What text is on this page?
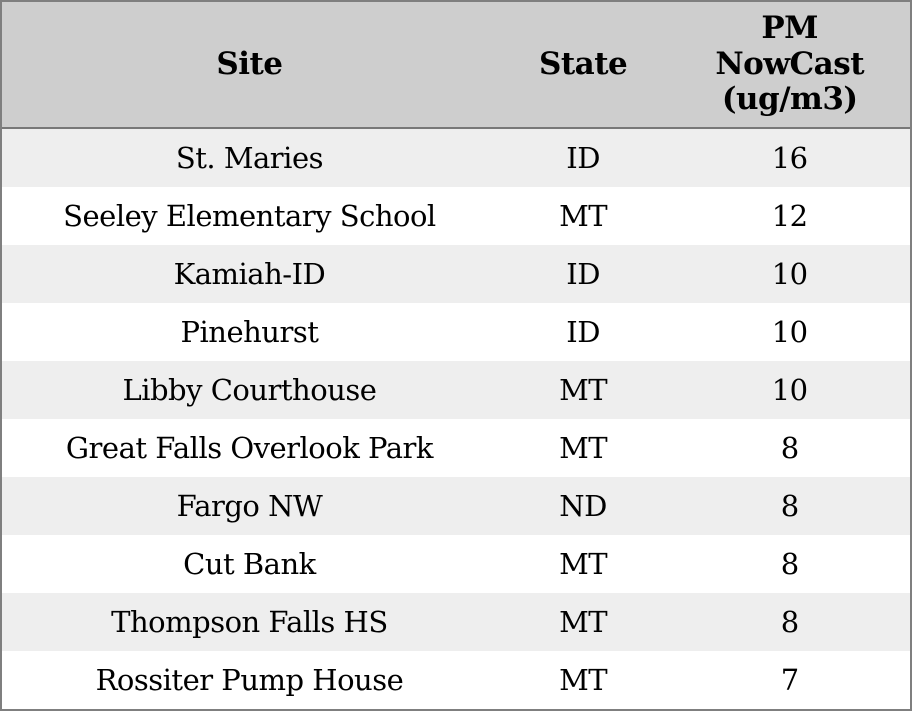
Site	State	PM NowCast (ug/m3)
St. Maries	ID	16
Seeley Elementary School	MT	12
Kamiah-ID	ID	10
Pinehurst	ID	10
Libby Courthouse	MT	10
Great Falls Overlook Park	MT	8
Fargo NW	ND	8
Cut Bank	MT	8
Thompson Falls HS	MT	8
Rossiter Pump House	MT	7
